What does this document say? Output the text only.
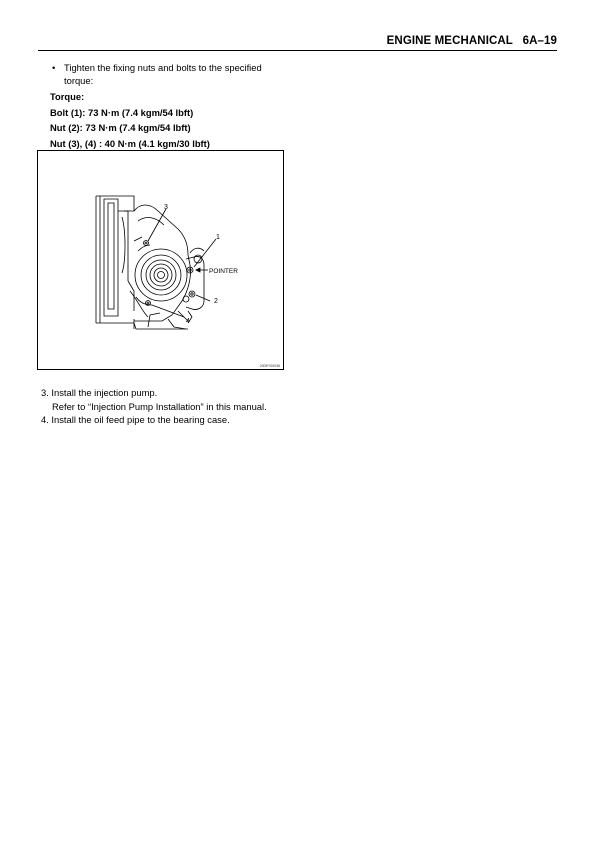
ENGINE MECHANICAL   6A–19
• Tighten the fixing nuts and bolts to the specified torque:
Torque:
Bolt (1): 73 N·m (7.4 kgm/54 lbft)
Nut (2): 73 N·m (7.4 kgm/54 lbft)
Nut (3), (4) : 40 N·m (4.1 kgm/30 lbft)
3
1
POINTER
2
4
030EY00036
3. Install the injection pump.
Refer to “Injection Pump Installation” in this manual.
4. Install the oil feed pipe to the bearing case.
